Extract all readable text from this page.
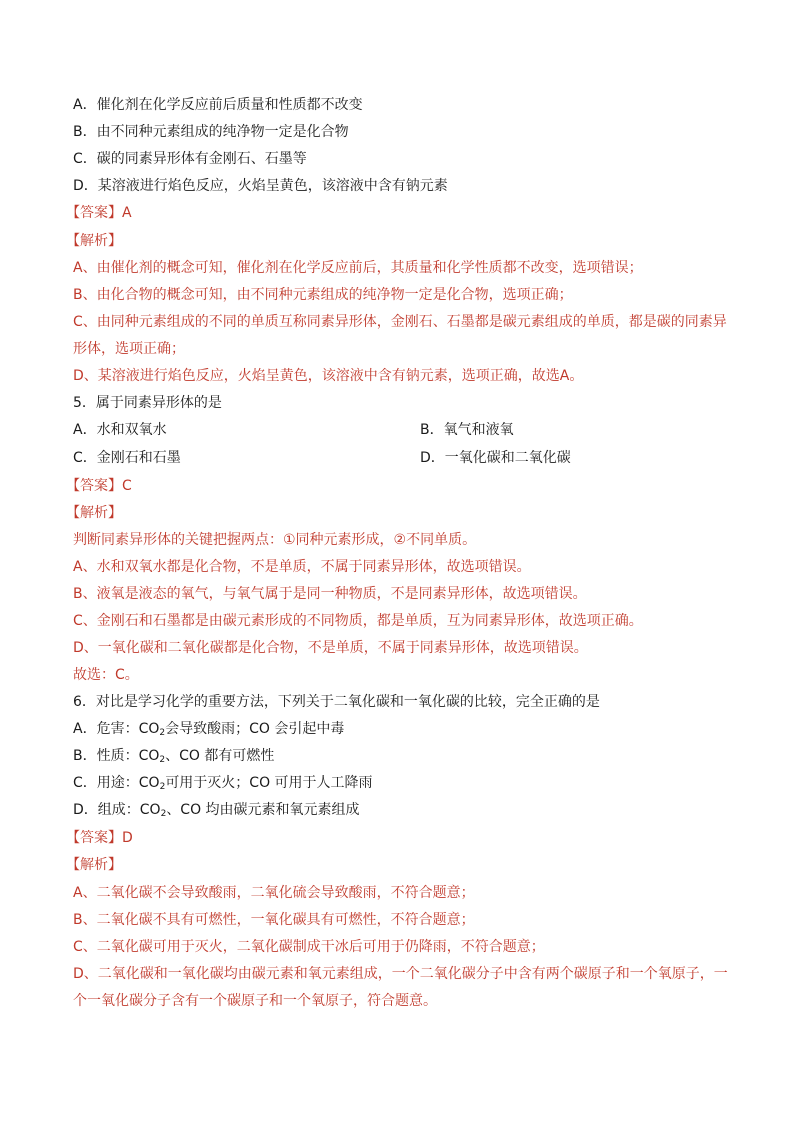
A．催化剂在化学反应前后质量和性质都不改变
B．由不同种元素组成的纯净物一定是化合物
C．碳的同素异形体有金刚石、石墨等
D．某溶液进行焰色反应，火焰呈黄色，该溶液中含有钠元素
【答案】A
【解析】
A、由催化剂的概念可知，催化剂在化学反应前后，其质量和化学性质都不改变，选项错误；
B、由化合物的概念可知，由不同种元素组成的纯净物一定是化合物，选项正确；
C、由同种元素组成的不同的单质互称同素异形体，金刚石、石墨都是碳元素组成的单质，都是碳的同素异
形体，选项正确；
D、某溶液进行焰色反应，火焰呈黄色，该溶液中含有钠元素，选项正确，故选A。
5．属于同素异形体的是
A．水和双氧水	B．氧气和液氧
C．金刚石和石墨	D．一氧化碳和二氧化碳
【答案】C
【解析】
判断同素异形体的关键把握两点：①同种元素形成，②不同单质。
A、水和双氧水都是化合物，不是单质，不属于同素异形体，故选项错误。
B、液氧是液态的氧气，与氧气属于是同一种物质，不是同素异形体，故选项错误。
C、金刚石和石墨都是由碳元素形成的不同物质，都是单质，互为同素异形体，故选项正确。
D、一氧化碳和二氧化碳都是化合物，不是单质，不属于同素异形体，故选项错误。
故选：C。
6．对比是学习化学的重要方法，下列关于二氧化碳和一氧化碳的比较，完全正确的是
A．危害：$CO_2$会导致酸雨；CO 会引起中毒
B．性质：$CO_2$、CO 都有可燃性
C．用途：$CO_2$可用于灭火；CO 可用于人工降雨
D．组成：$CO_2$、CO 均由碳元素和氧元素组成
【答案】D
【解析】
A、二氧化碳不会导致酸雨，二氧化硫会导致酸雨，不符合题意；
B、二氧化碳不具有可燃性，一氧化碳具有可燃性，不符合题意；
C、二氧化碳可用于灭火，二氧化碳制成干冰后可用于仍降雨，不符合题意；
D、二氧化碳和一氧化碳均由碳元素和氧元素组成，一个二氧化碳分子中含有两个碳原子和一个氧原子，一
个一氧化碳分子含有一个碳原子和一个氧原子，符合题意。
